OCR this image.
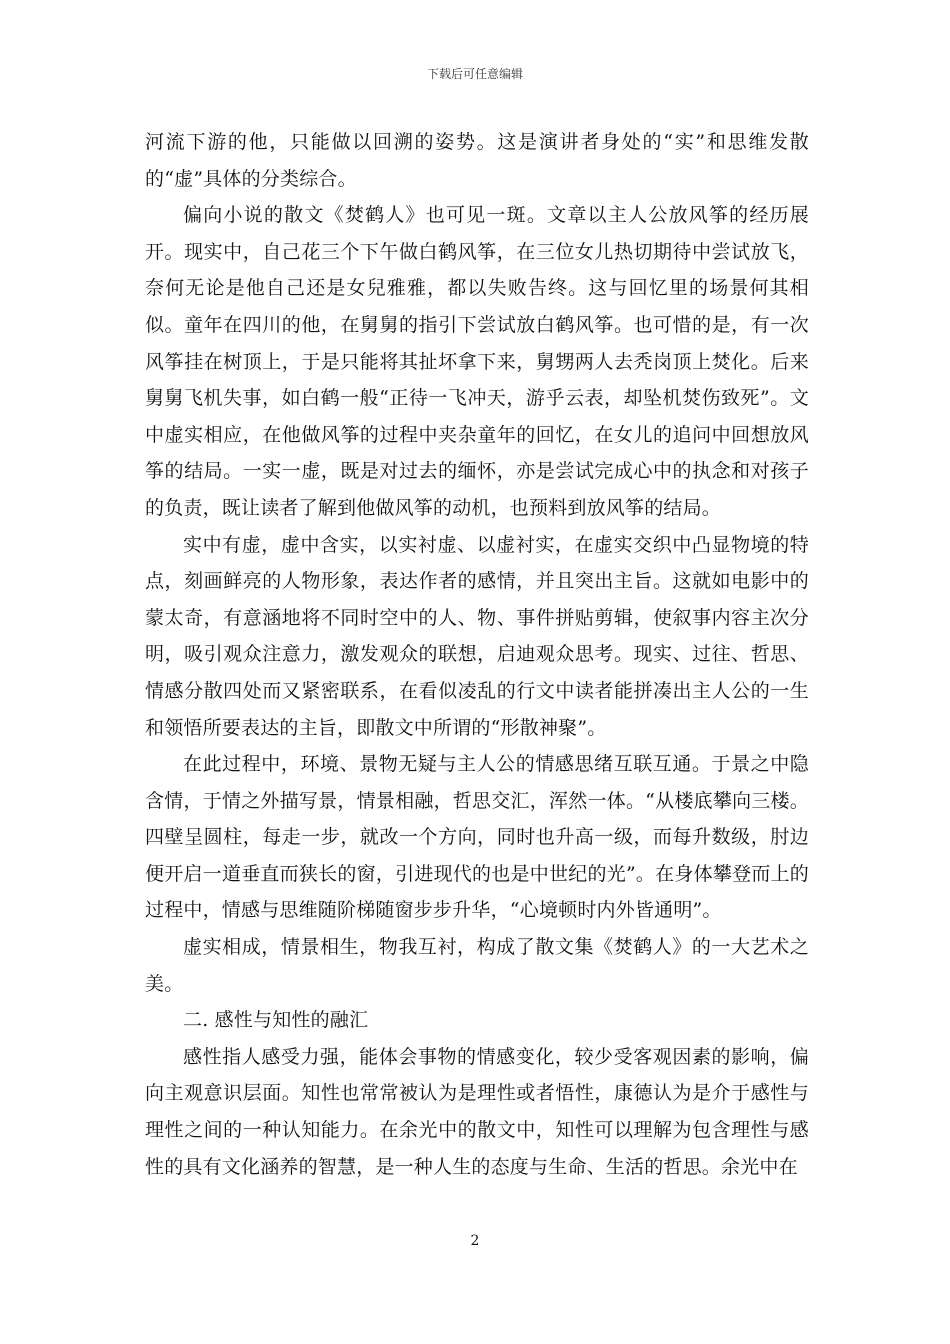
下载后可任意编辑

河流下游的他，只能做以回溯的姿势。这是演讲者身处的“实”和思维发散的“虚”具体的分类综合。

偏向小说的散文《焚鹤人》也可见一斑。文章以主人公放风筝的经历展开。现实中，自己花三个下午做白鹤风筝，在三位女儿热切期待中尝试放飞，奈何无论是他自己还是女兒雅雅，都以失败告终。这与回忆里的场景何其相似。童年在四川的他，在舅舅的指引下尝试放白鹤风筝。也可惜的是，有一次风筝挂在树顶上，于是只能将其扯坏拿下来，舅甥两人去秃岗顶上焚化。后来舅舅飞机失事，如白鹤一般“正待一飞冲天，游乎云表，却坠机焚伤致死”。文中虚实相应，在他做风筝的过程中夹杂童年的回忆，在女儿的追问中回想放风筝的结局。一实一虚，既是对过去的缅怀，亦是尝试完成心中的执念和对孩子的负责，既让读者了解到他做风筝的动机，也预料到放风筝的结局。

实中有虚，虚中含实，以实衬虚、以虚衬实，在虚实交织中凸显物境的特点，刻画鲜亮的人物形象，表达作者的感情，并且突出主旨。这就如电影中的蒙太奇，有意涵地将不同时空中的人、物、事件拼贴剪辑，使叙事内容主次分明，吸引观众注意力，激发观众的联想，启迪观众思考。现实、过往、哲思、情感分散四处而又紧密联系，在看似凌乱的行文中读者能拼凑出主人公的一生和领悟所要表达的主旨，即散文中所谓的“形散神聚”。

在此过程中，环境、景物无疑与主人公的情感思绪互联互通。于景之中隐含情，于情之外描写景，情景相融，哲思交汇，浑然一体。“从楼底攀向三楼。四壁呈圆柱，每走一步，就改一个方向，同时也升高一级，而每升数级，肘边便开启一道垂直而狭长的窗，引进现代的也是中世纪的光”。在身体攀登而上的过程中，情感与思维随阶梯随窗步步升华，“心境顿时内外皆通明”。

虚实相成，情景相生，物我互衬，构成了散文集《焚鹤人》的一大艺术之美。

二. 感性与知性的融汇

感性指人感受力强，能体会事物的情感变化，较少受客观因素的影响，偏向主观意识层面。知性也常常被认为是理性或者悟性，康德认为是介于感性与理性之间的一种认知能力。在余光中的散文中，知性可以理解为包含理性与感性的具有文化涵养的智慧，是一种人生的态度与生命、生活的哲思。余光中在

2
